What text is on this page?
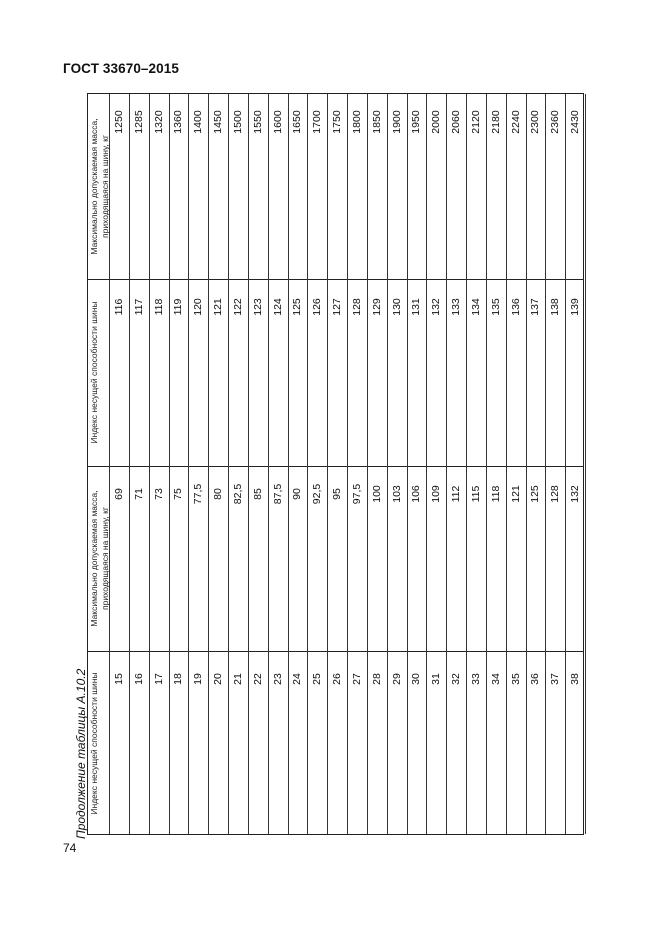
ГОСТ 33670–2015
Продолжение таблицы А.10.2
74
Максимально допускаемая масса, приходящаяся на шину, кг
Индекс несущей способности шины
Максимально допускаемая масса, приходящаяся на шину, кг
Индекс несущей способности шины 15
69
116
1250
16
71
117
1285
17
73
118
1320
18
75
119
1360
19
77,5
120
1400
20
80
121
1450
21
82,5
122
1500
22
85
123
1550
23
87,5
124
1600
24
90
125
1650
25
92,5
126
1700
26
95
127
1750
27
97,5
128
1800
28
100
129
1850
29
103
130
1900
30
106
131
1950
31
109
132
2000
32
112
133
2060
33
115
134
2120
34
118
135
2180
35
121
136
2240
36
125
137
2300
37
128
138
2360
38
132
139
2430
